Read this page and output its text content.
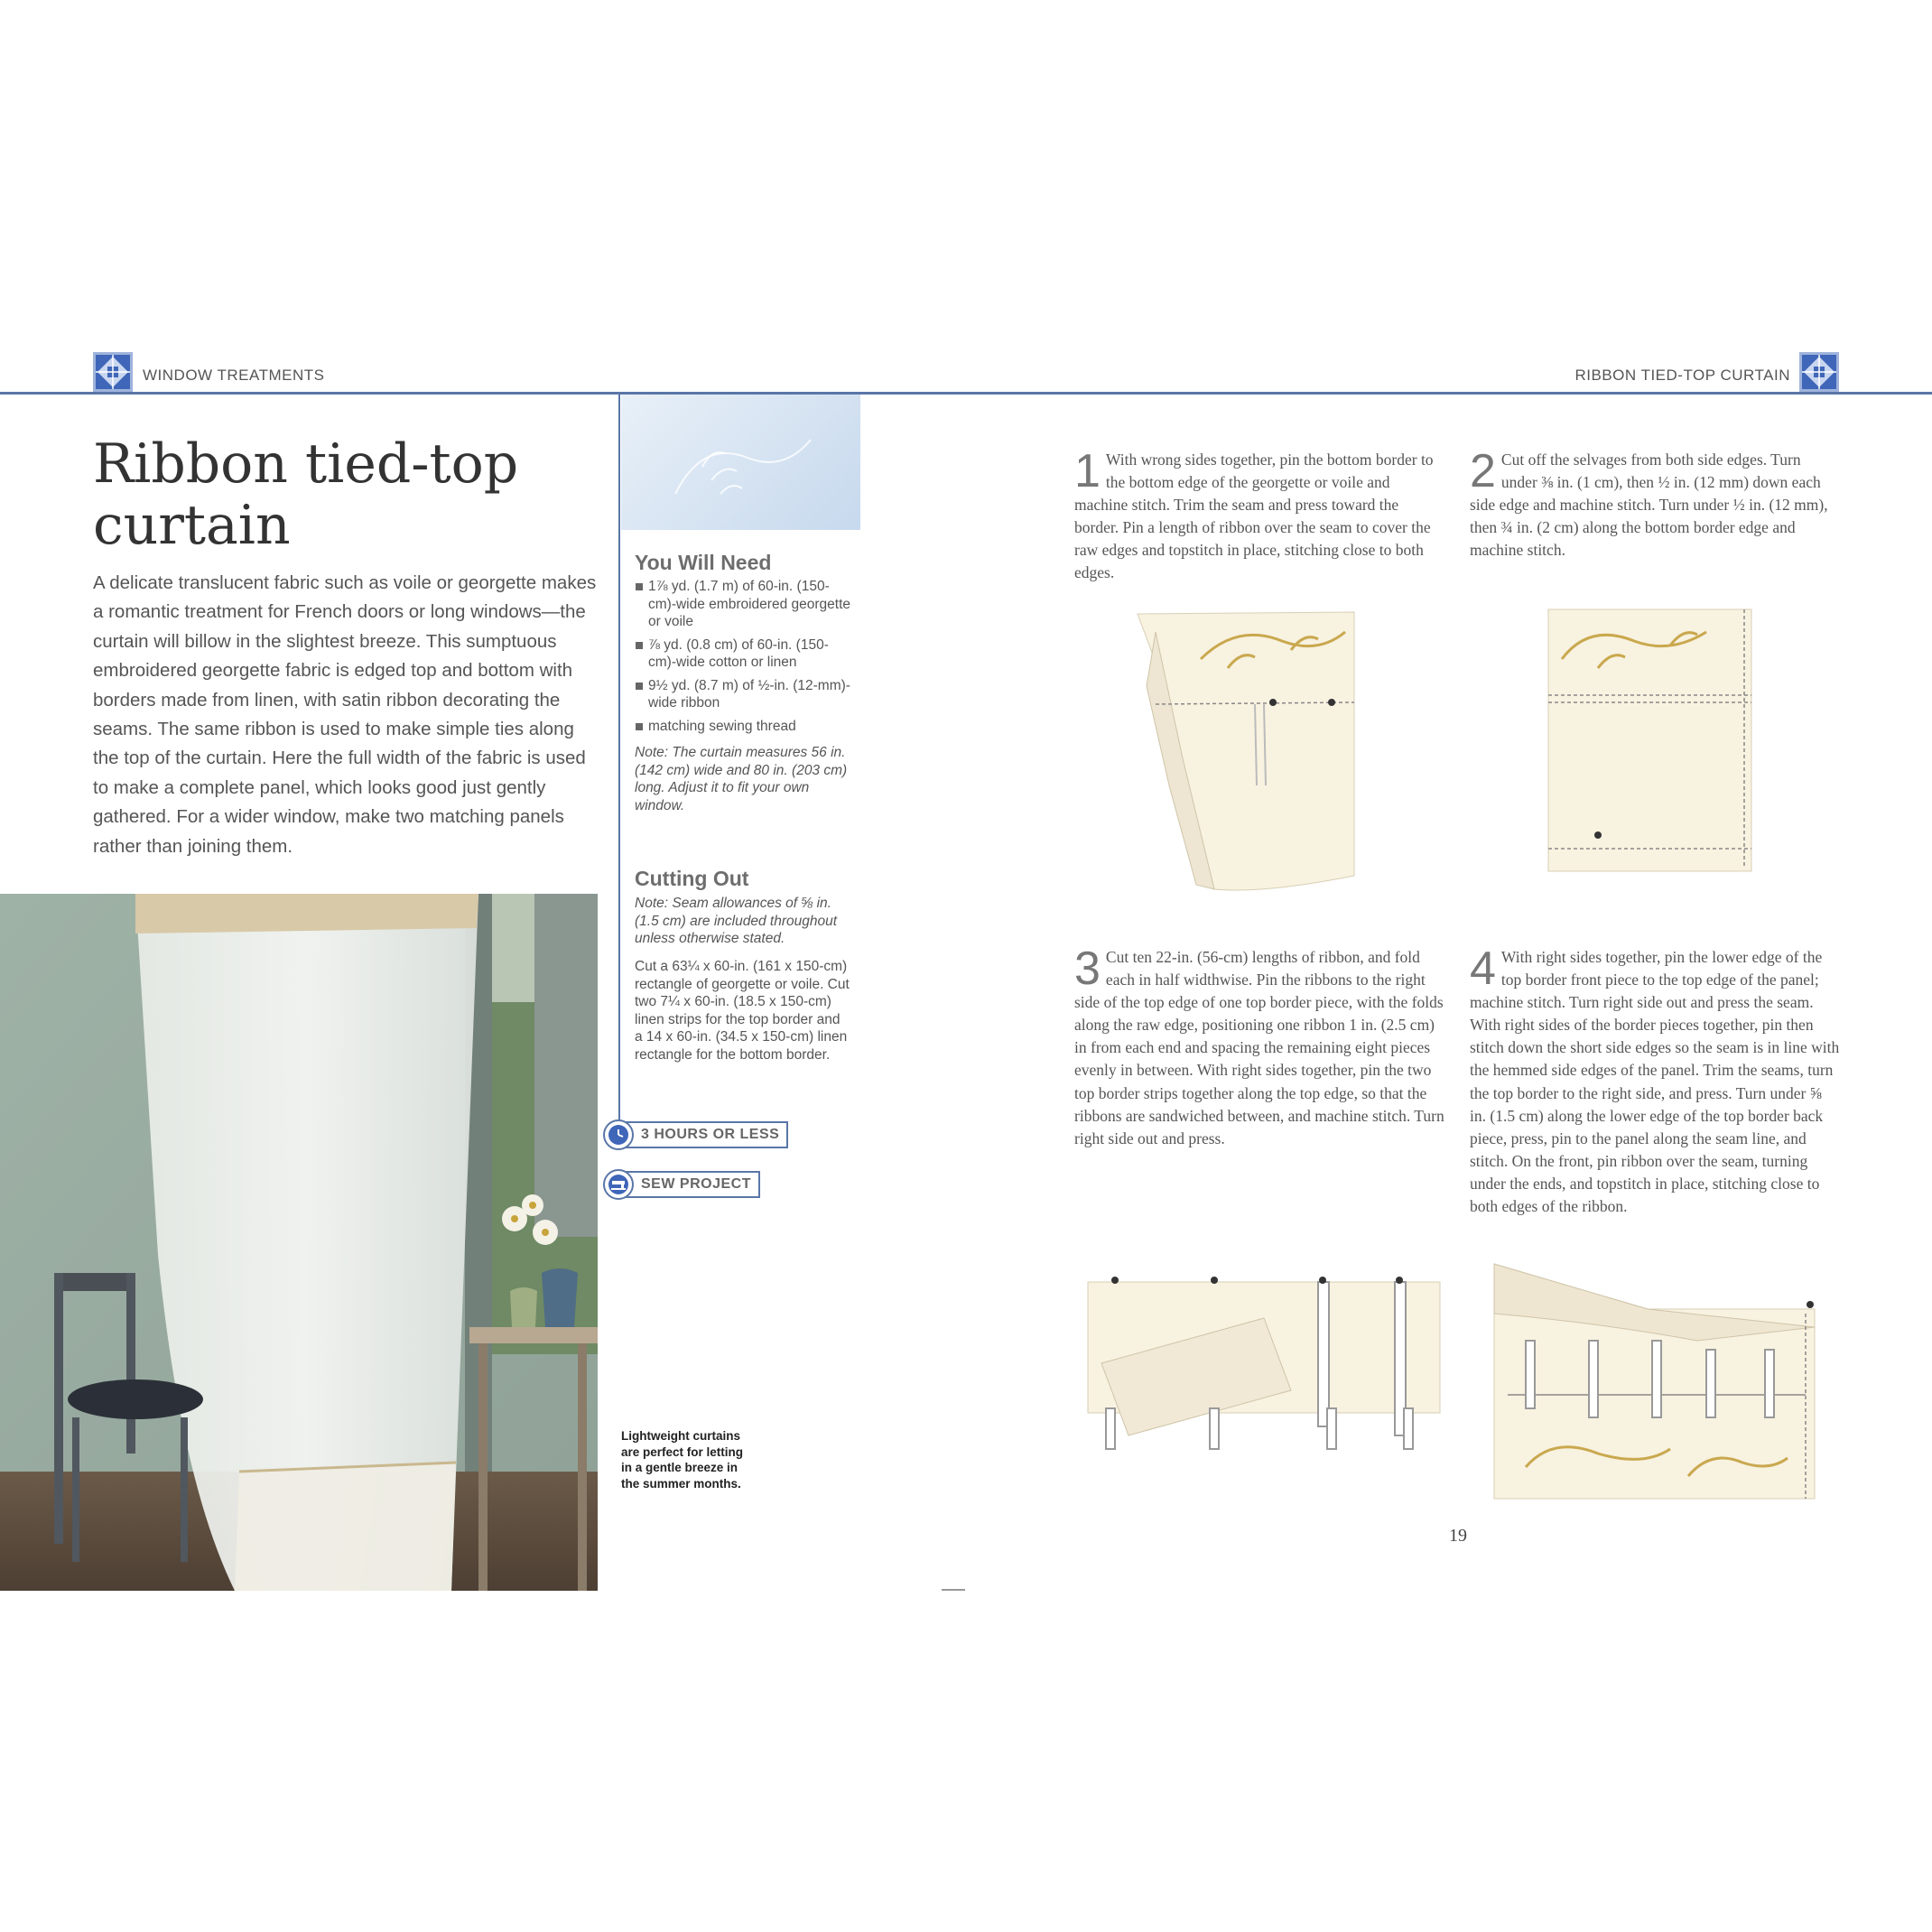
WINDOW TREATMENTS	RIBBON TIED-TOP CURTAIN
Ribbon tied-top
curtain
A delicate translucent fabric such as voile or georgette makes a romantic treatment for French doors or long windows—the curtain will billow in the slightest breeze. This sumptuous embroidered georgette fabric is edged top and bottom with borders made from linen, with satin ribbon decorating the seams. The same ribbon is used to make simple ties along the top of the curtain. Here the full width of the fabric is used to make a complete panel, which looks good just gently gathered. For a wider window, make two matching panels rather than joining them.
You Will Need
1⅞ yd. (1.7 m) of 60-in. (150-cm)-wide embroidered georgette or voile
⅞ yd. (0.8 cm) of 60-in. (150-cm)-wide cotton or linen
9½ yd. (8.7 m) of ½-in. (12-mm)-wide ribbon
matching sewing thread
Note: The curtain measures 56 in. (142 cm) wide and 80 in. (203 cm) long. Adjust it to fit your own window.
Cutting Out
Note: Seam allowances of ⅝ in. (1.5 cm) are included throughout unless otherwise stated.
Cut a 63¼ x 60-in. (161 x 150-cm) rectangle of georgette or voile. Cut two 7¼ x 60-in. (18.5 x 150-cm) linen strips for the top border and a 14 x 60-in. (34.5 x 150-cm) linen rectangle for the bottom border.
3 HOURS OR LESS
SEW PROJECT
Lightweight curtains are perfect for letting in a gentle breeze in the summer months.
1 With wrong sides together, pin the bottom border to the bottom edge of the georgette or voile and machine stitch. Trim the seam and press toward the border. Pin a length of ribbon over the seam to cover the raw edges and topstitch in place, stitching close to both edges.
2 Cut off the selvages from both side edges. Turn under ⅜ in. (1 cm), then ½ in. (12 mm) down each side edge and machine stitch. Turn under ½ in. (12 mm), then ¾ in. (2 cm) along the bottom border edge and machine stitch.
3 Cut ten 22-in. (56-cm) lengths of ribbon, and fold each in half widthwise. Pin the ribbons to the right side of the top edge of one top border piece, with the folds along the raw edge, positioning one ribbon 1 in. (2.5 cm) in from each end and spacing the remaining eight pieces evenly in between. With right sides together, pin the two top border strips together along the top edge, so that the ribbons are sandwiched between, and machine stitch. Turn right side out and press.
4 With right sides together, pin the lower edge of the top border front piece to the top edge of the panel; machine stitch. Turn right side out and press the seam. With right sides of the border pieces together, pin then stitch down the short side edges so the seam is in line with the hemmed side edges of the panel. Trim the seams, turn the top border to the right side, and press. Turn under ⅝ in. (1.5 cm) along the lower edge of the top border back piece, press, pin to the panel along the seam line, and stitch. On the front, pin ribbon over the seam, turning under the ends, and topstitch in place, stitching close to both edges of the ribbon.
19
